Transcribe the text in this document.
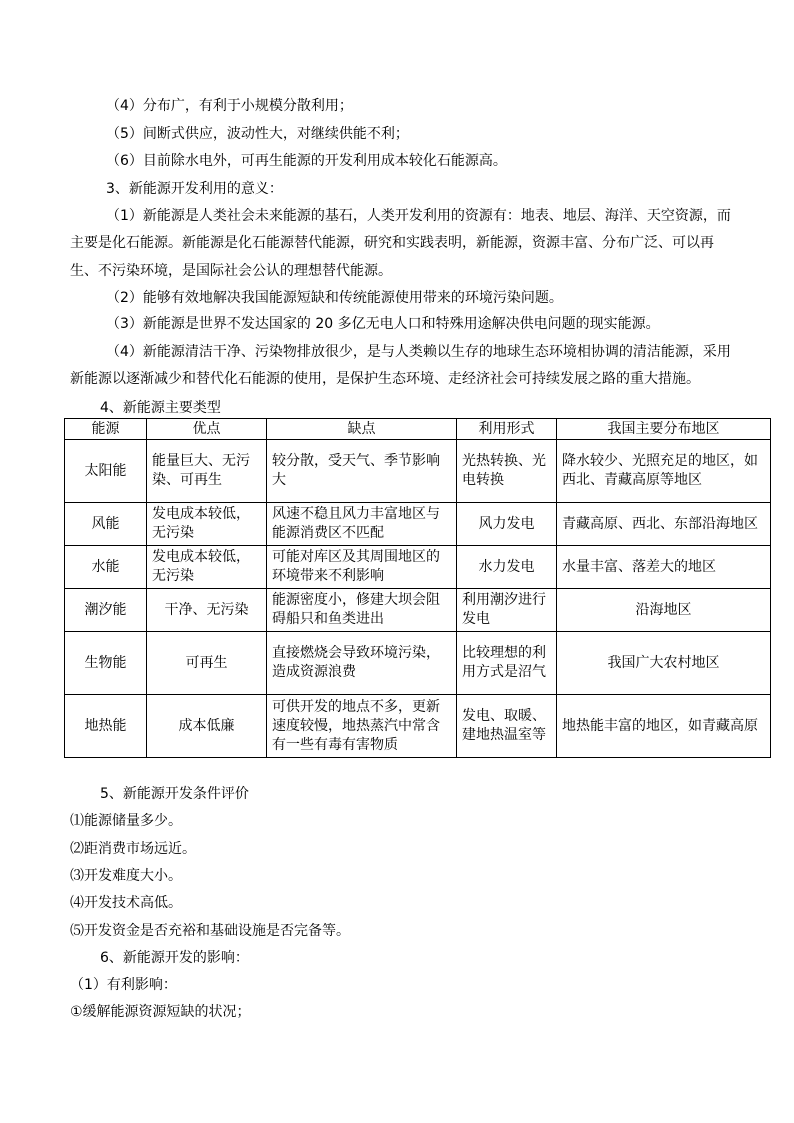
（4）分布广，有利于小规模分散利用；
（5）间断式供应，波动性大，对继续供能不利；
（6）目前除水电外，可再生能源的开发利用成本较化石能源高。
3、新能源开发利用的意义：
（1）新能源是人类社会未来能源的基石，人类开发利用的资源有：地表、地层、海洋、天空资源，而
主要是化石能源。新能源是化石能源替代能源，研究和实践表明，新能源，资源丰富、分布广泛、可以再
生、不污染环境，是国际社会公认的理想替代能源。
（2）能够有效地解决我国能源短缺和传统能源使用带来的环境污染问题。
（3）新能源是世界不发达国家的 20 多亿无电人口和特殊用途解决供电问题的现实能源。
（4）新能源清洁干净、污染物排放很少，是与人类赖以生存的地球生态环境相协调的清洁能源，采用
新能源以逐渐减少和替代化石能源的使用，是保护生态环境、走经济社会可持续发展之路的重大措施。
4、新能源主要类型
能源	优点	缺点	利用形式	我国主要分布地区
太阳能	能量巨大、无污染、可再生	较分散，受天气、季节影响大	光热转换、光电转换	降水较少、光照充足的地区，如西北、青藏高原等地区
风能	发电成本较低，无污染	风速不稳且风力丰富地区与能源消费区不匹配	风力发电	青藏高原、西北、东部沿海地区
水能	发电成本较低，无污染	可能对库区及其周围地区的环境带来不利影响	水力发电	水量丰富、落差大的地区
潮汐能	干净、无污染	能源密度小，修建大坝会阻碍船只和鱼类进出	利用潮汐进行发电	沿海地区
生物能	可再生	直接燃烧会导致环境污染，造成资源浪费	比较理想的利用方式是沼气	我国广大农村地区
地热能	成本低廉	可供开发的地点不多，更新速度较慢，地热蒸汽中常含有一些有毒有害物质	发电、取暖、建地热温室等	地热能丰富的地区，如青藏高原
5、新能源开发条件评价
⑴能源储量多少。
⑵距消费市场远近。
⑶开发难度大小。
⑷开发技术高低。
⑸开发资金是否充裕和基础设施是否完备等。
6、新能源开发的影响：
（1）有利影响：
①缓解能源资源短缺的状况；
